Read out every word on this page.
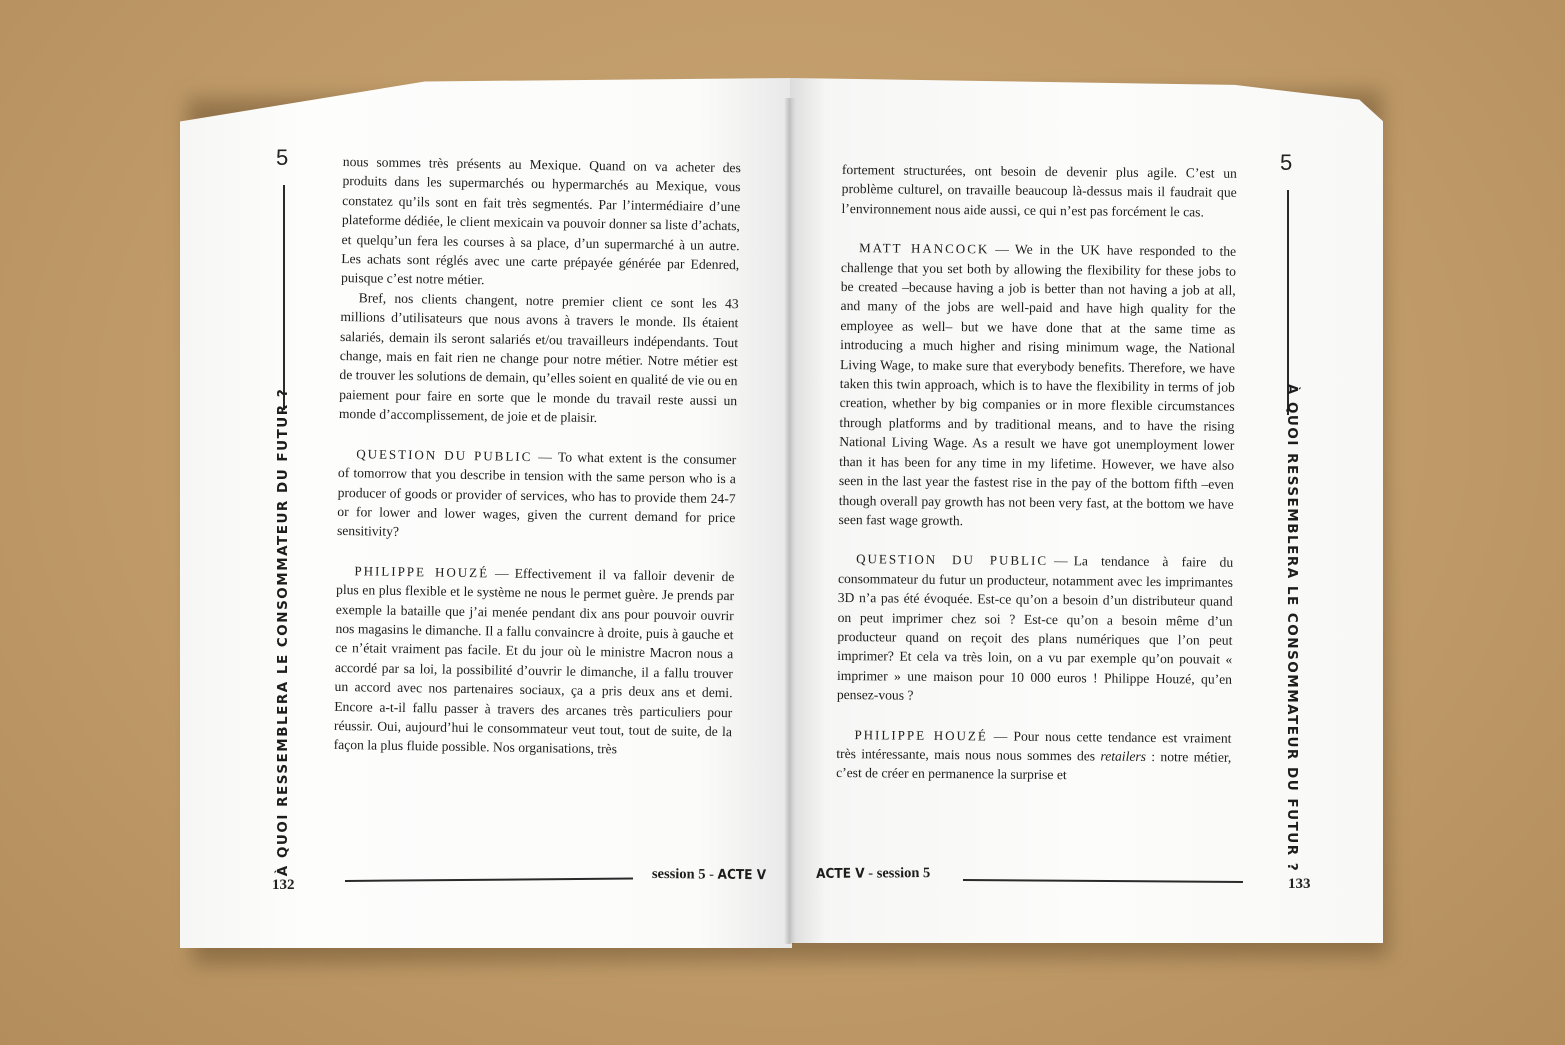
5
À QUOI RESSEMBLERA LE CONSOMMATEUR DU FUTUR ?

nous sommes très présents au Mexique. Quand on va acheter des produits dans les supermarchés ou hypermarchés au Mexique, vous constatez qu’ils sont en fait très segmentés. Par l’intermédiaire d’une plateforme dédiée, le client mexicain va pouvoir donner sa liste d’achats, et quelqu’un fera les courses à sa place, d’un supermarché à un autre. Les achats sont réglés avec une carte prépayée générée par Edenred, puisque c’est notre métier.

Bref, nos clients changent, notre premier client ce sont les 43 millions d’utilisateurs que nous avons à travers le monde. Ils étaient salariés, demain ils seront salariés et/ou travailleurs indépendants. Tout change, mais en fait rien ne change pour notre métier. Notre métier est de trouver les solutions de demain, qu’elles soient en qualité de vie ou en paiement pour faire en sorte que le monde du travail reste aussi un monde d’accomplissement, de joie et de plaisir.

QUESTION DU PUBLIC — To what extent is the consumer of tomorrow that you describe in tension with the same person who is a producer of goods or provider of services, who has to provide them 24-7 or for lower and lower wages, given the current demand for price sensitivity?
PHILIPPE HOUZÉ — Effectivement il va falloir devenir de plus en plus flexible et le système ne nous le permet guère. Je prends par exemple la bataille que j’ai menée pendant dix ans pour pouvoir ouvrir nos magasins le dimanche. Il a fallu convaincre à droite, puis à gauche et ce n’était vraiment pas facile. Et du jour où le ministre Macron nous a accordé par sa loi, la possibilité d’ouvrir le dimanche, il a fallu trouver un accord avec nos partenaires sociaux, ça a pris deux ans et demi. Encore a-t-il fallu passer à travers des arcanes très particuliers pour réussir. Oui, aujourd’hui le consommateur veut tout, tout de suite, de la façon la plus fluide possible. Nos organisations, très
132
session 5 - ACTE V
5
À QUOI RESSEMBLERA LE CONSOMMATEUR DU FUTUR ?

fortement structurées, ont besoin de devenir plus agile. C’est un problème culturel, on travaille beaucoup là-dessus mais il faudrait que l’environnement nous aide aussi, ce qui n’est pas forcément le cas.

MATT HANCOCK — We in the UK have responded to the challenge that you set both by allowing the flexibility for these jobs to be created –because having a job is better than not having a job at all, and many of the jobs are well-paid and have high quality for the employee as well– but we have done that at the same time as introducing a much higher and rising minimum wage, the National Living Wage, to make sure that everybody benefits. Therefore, we have taken this twin approach, which is to have the flexibility in terms of job creation, whether by big companies or in more flexible circumstances through platforms and by traditional means, and to have the rising National Living Wage. As a result we have got unemployment lower than it has been for any time in my lifetime. However, we have also seen in the last year the fastest rise in the pay of the bottom fifth –even though overall pay growth has not been very fast, at the bottom we have seen fast wage growth.
QUESTION DU PUBLIC — La tendance à faire du consommateur du futur un producteur, notamment avec les imprimantes 3D n’a pas été évoquée. Est-ce qu’on a besoin d’un distributeur quand on peut imprimer chez soi ? Est-ce qu’on a besoin même d’un producteur quand on reçoit des plans numériques que l’on peut imprimer? Et cela va très loin, on a vu par exemple qu’on pouvait « imprimer » une maison pour 10 000 euros ! Philippe Houzé, qu’en pensez-vous ?
PHILIPPE HOUZÉ — Pour nous cette tendance est vraiment très intéressante, mais nous nous sommes des retailers : notre métier, c’est de créer en permanence la surprise et
ACTE V - session 5
133
